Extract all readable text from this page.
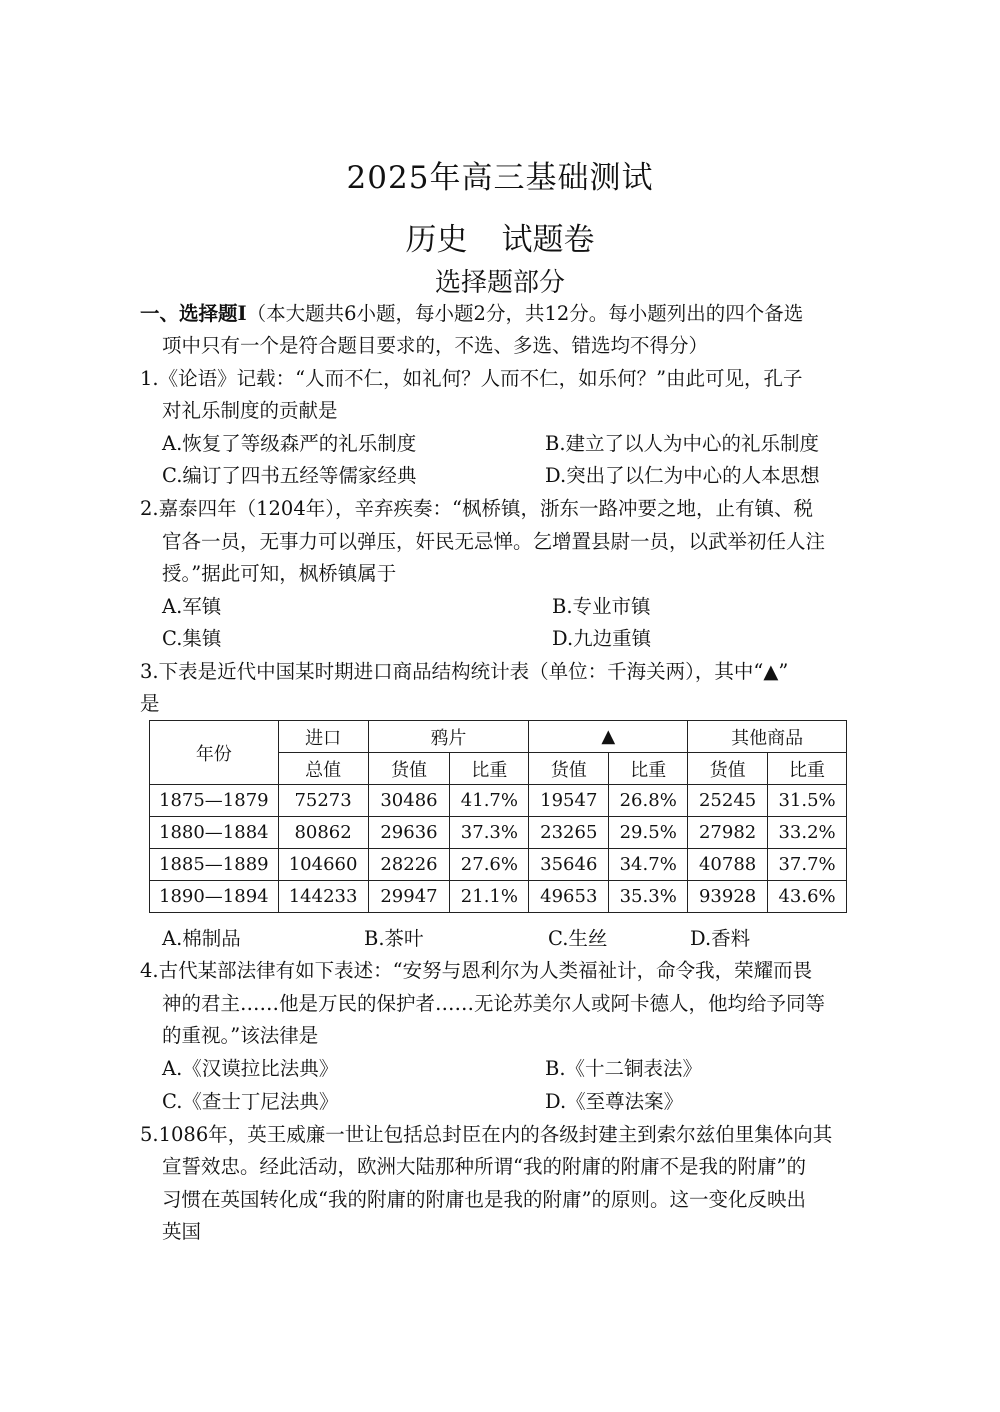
2025年高三基础测试
历史 试题卷
选择题部分
一、选择题Ⅰ（本大题共6小题，每小题2分，共12分。每小题列出的四个备选
项中只有一个是符合题目要求的，不选、多选、错选均不得分）
1.《论语》记载：“人而不仁，如礼何？人而不仁，如乐何？”由此可见，孔子
对礼乐制度的贡献是
A.恢复了等级森严的礼乐制度	B.建立了以人为中心的礼乐制度
C.编订了四书五经等儒家经典	D.突出了以仁为中心的人本思想
2.嘉泰四年（1204年），辛弃疾奏：“枫桥镇，浙东一路冲要之地，止有镇、税
官各一员，无事力可以弹压，奸民无忌惮。乞增置县尉一员，以武举初任人注
授。”据此可知，枫桥镇属于
A.军镇	B.专业市镇
C.集镇	D.九边重镇
3.下表是近代中国某时期进口商品结构统计表（单位：千海关两），其中“▲”
是
年份	进口	鸦片		▲		其他商品	
	总值	货值	比重	货值	比重	货值	比重
1875—1879	75273	30486	41.7%	19547	26.8%	25245	31.5%
1880—1884	80862	29636	37.3%	23265	29.5%	27982	33.2%
1885—1889	104660	28226	27.6%	35646	34.7%	40788	37.7%
1890—1894	144233	29947	21.1%	49653	35.3%	93928	43.6%
A.棉制品	B.茶叶	C.生丝	D.香料
4.古代某部法律有如下表述：“安努与恩利尔为人类福祉计，命令我，荣耀而畏
神的君主……他是万民的保护者……无论苏美尔人或阿卡德人，他均给予同等
的重视。”该法律是
A.《汉谟拉比法典》	B.《十二铜表法》
C.《查士丁尼法典》	D.《至尊法案》
5.1086年，英王威廉一世让包括总封臣在内的各级封建主到索尔兹伯里集体向其
宣誓效忠。经此活动，欧洲大陆那种所谓“我的附庸的附庸不是我的附庸”的
习惯在英国转化成“我的附庸的附庸也是我的附庸”的原则。这一变化反映出
英国
